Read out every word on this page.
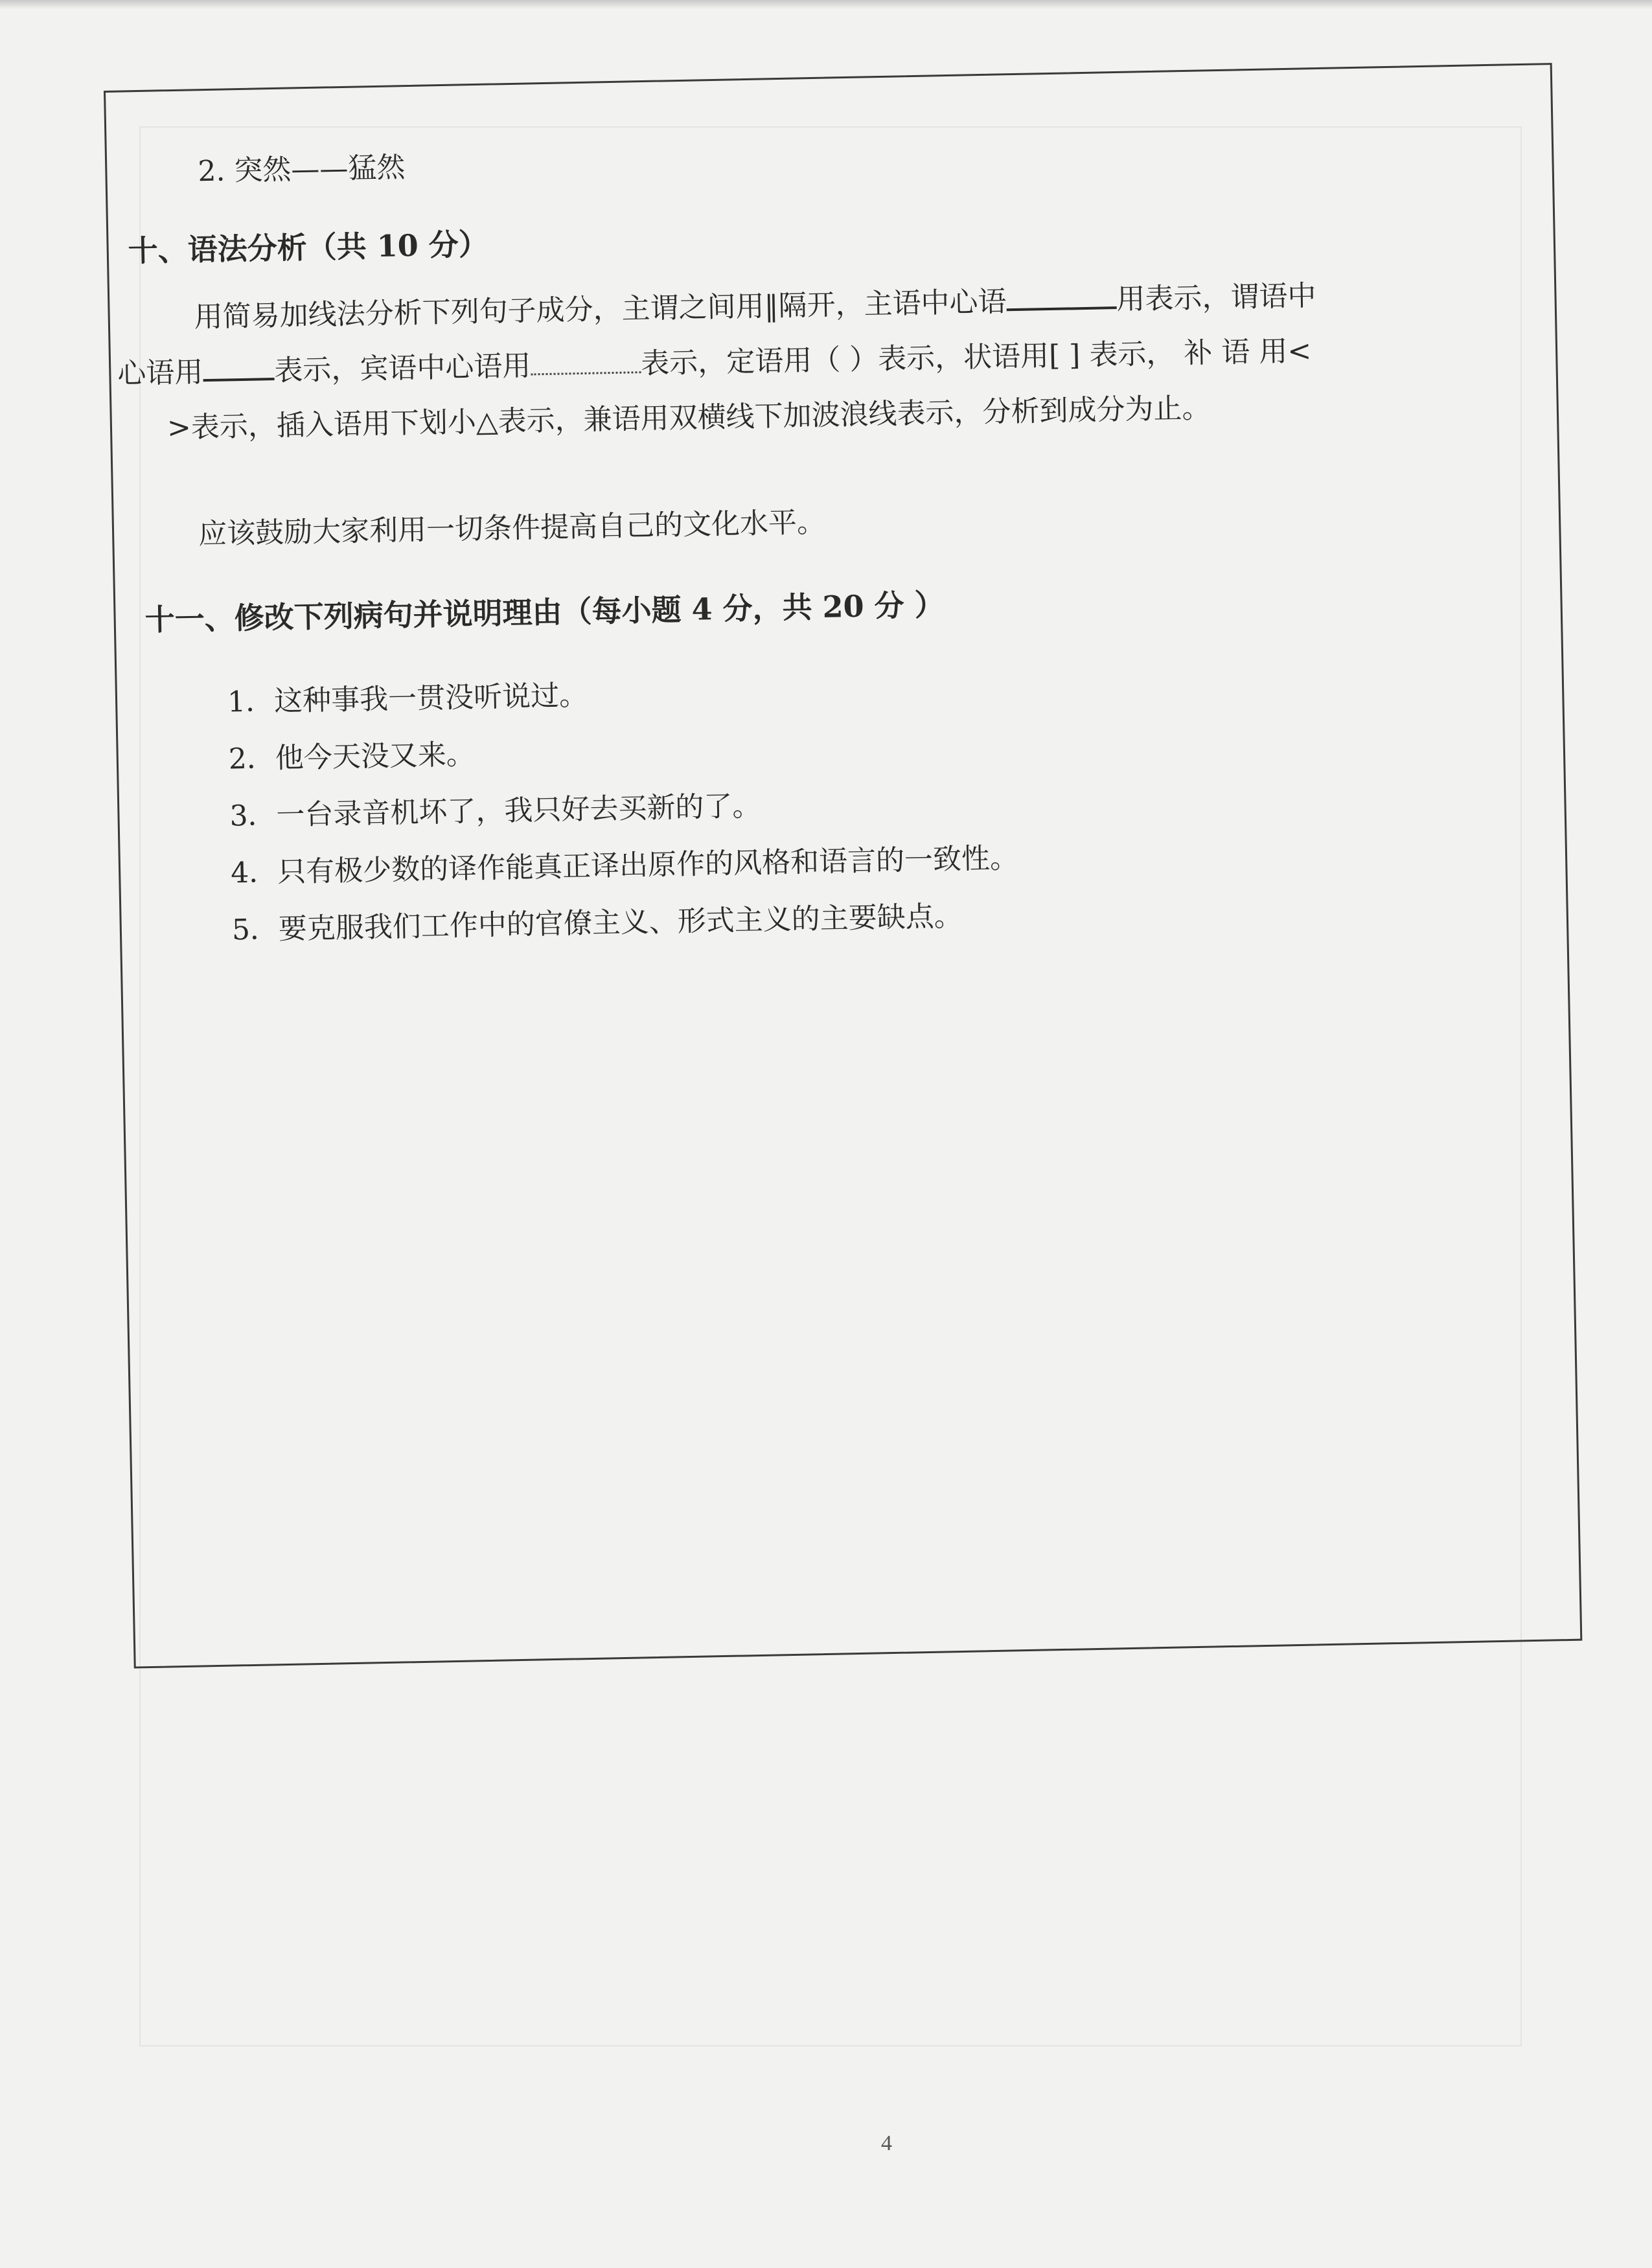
2. 突然——猛然
十、语法分析（共 10 分）
用简易加线法分析下列句子成分，主谓之间用‖隔开，主语中心语	用表示，谓语中
心语用 表示，宾语中心语用	表示，定语用（ ）表示，状语用[ ] 表示， 补 语 用<
>表示，插入语用下划小△表示，兼语用双横线下加波浪线表示，分析到成分为止。
应该鼓励大家利用一切条件提高自己的文化水平。
十一、修改下列病句并说明理由（每小题 4 分，共 20 分 ）
1．这种事我一贯没听说过。
2．他今天没又来。
3．一台录音机坏了，我只好去买新的了。
4．只有极少数的译作能真正译出原作的风格和语言的一致性。
5．要克服我们工作中的官僚主义、形式主义的主要缺点。
4
